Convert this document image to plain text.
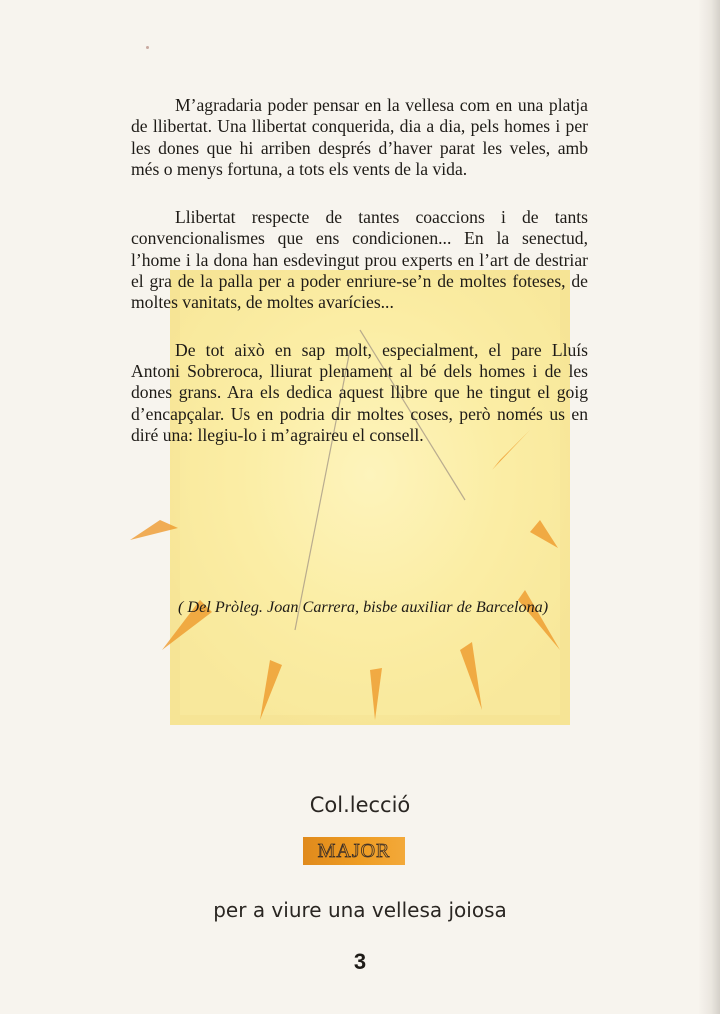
M’agradaria poder pensar en la vellesa com en una platja de llibertat. Una llibertat conquerida, dia a dia, pels homes i per les dones que hi arriben després d’haver parat les veles, amb més o menys fortuna, a tots els vents de la vida.

Llibertat respecte de tantes coaccions i de tants convencionalismes que ens condicionen... En la senectud, l’home i la dona han esdevingut prou experts en l’art de destriar el gra de la palla per a poder enriure-se’n de moltes foteses, de moltes vanitats, de moltes avarícies...

De tot això en sap molt, especialment, el pare Lluís Antoni Sobreroca, lliurat plenament al bé dels homes i de les dones grans. Ara els dedica aquest llibre que he tingut el goig d’encapçalar. Us en podria dir moltes coses, però només us en diré una: llegiu-lo i m’agraireu el consell.

( Del Pròleg. Joan Carrera, bisbe auxiliar de Barcelona)
Col.lecció
MAJOR
per a viure una vellesa joiosa
3
